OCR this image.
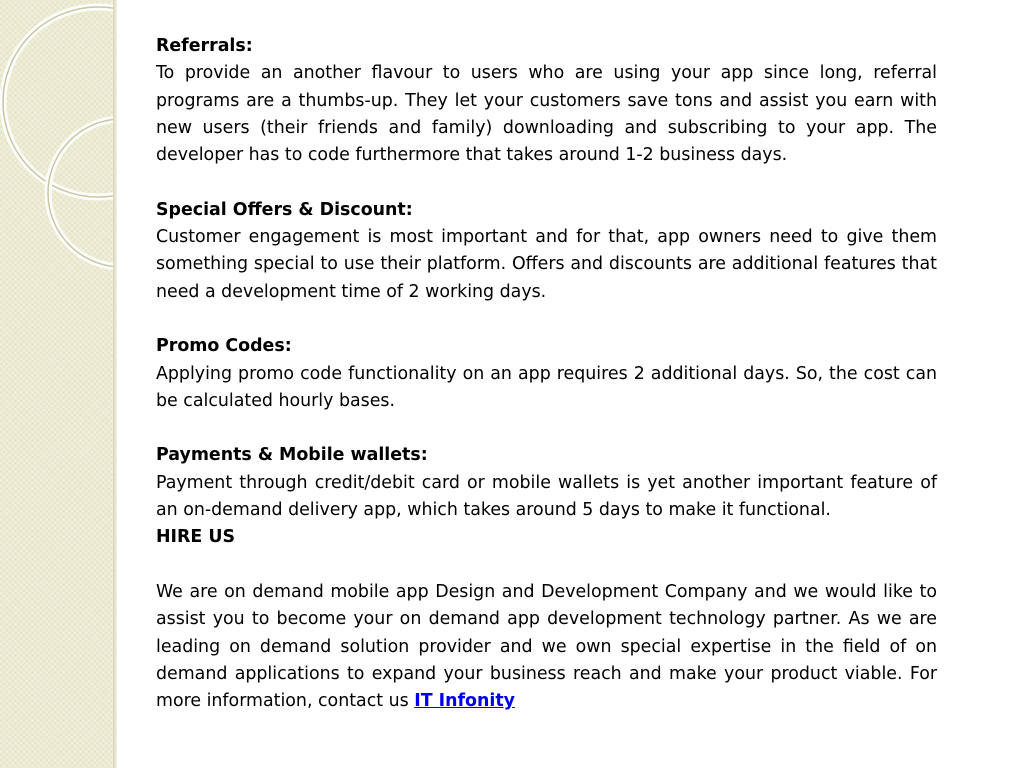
Referrals:

To provide an another flavour to users who are using your app since long, referral programs are a thumbs-up. They let your customers save tons and assist you earn with new users (their friends and family) downloading and subscribing to your app. The developer has to code furthermore that takes around 1-2 business days.

Special Offers & Discount:

Customer engagement is most important and for that, app owners need to give them something special to use their platform. Offers and discounts are additional features that need a development time of 2 working days.

Promo Codes:

Applying promo code functionality on an app requires 2 additional days. So, the cost can be calculated hourly bases.

Payments & Mobile wallets:

Payment through credit/debit card or mobile wallets is yet another important feature of an on-demand delivery app, which takes around 5 days to make it functional.

HIRE US

We are on demand mobile app Design and Development Company and we would like to assist you to become your on demand app development technology partner. As we are leading on demand solution provider and we own special expertise in the field of on demand applications to expand your business reach and make your product viable. For more information, contact us IT Infonity
